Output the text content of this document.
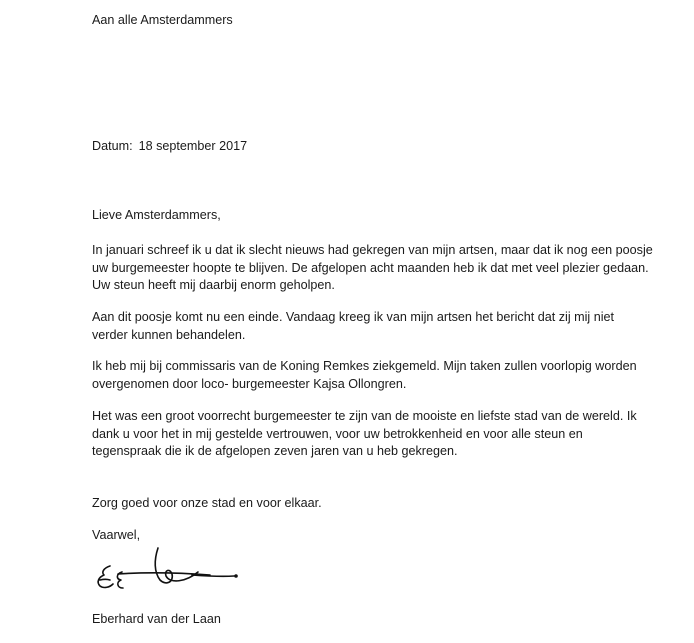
Aan alle Amsterdammers
Datum: 18 september 2017
Lieve Amsterdammers,

In januari schreef ik u dat ik slecht nieuws had gekregen van mijn artsen, maar dat ik nog een poosje
uw burgemeester hoopte te blijven. De afgelopen acht maanden heb ik dat met veel plezier gedaan.
Uw steun heeft mij daarbij enorm geholpen.

Aan dit poosje komt nu een einde. Vandaag kreeg ik van mijn artsen het bericht dat zij mij niet
verder kunnen behandelen.

Ik heb mij bij commissaris van de Koning Remkes ziekgemeld. Mijn taken zullen voorlopig worden
overgenomen door loco- burgemeester Kajsa Ollongren.

Het was een groot voorrecht burgemeester te zijn van de mooiste en liefste stad van de wereld. Ik
dank u voor het in mij gestelde vertrouwen, voor uw betrokkenheid en voor alle steun en
tegenspraak die ik de afgelopen zeven jaren van u heb gekregen.

Zorg goed voor onze stad en voor elkaar.
Vaarwel,
Eberhard van der Laan
